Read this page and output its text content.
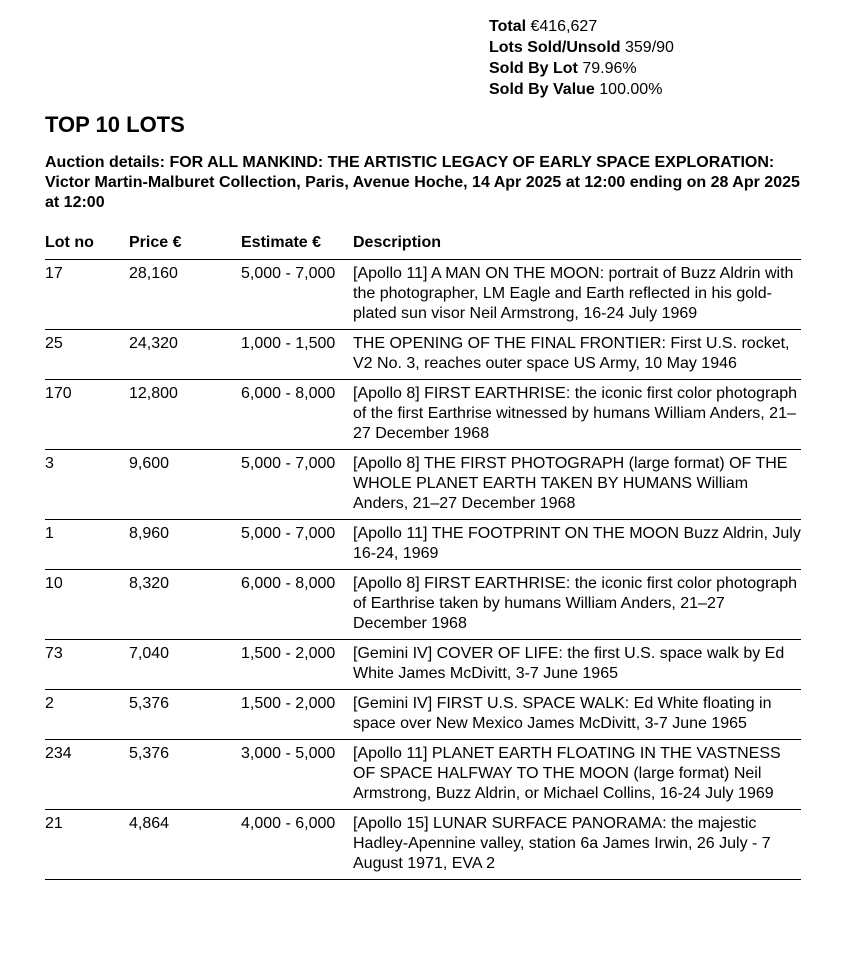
Total €416,627
Lots Sold/Unsold 359/90
Sold By Lot 79.96%
Sold By Value 100.00%
TOP 10 LOTS

Auction details: FOR ALL MANKIND: THE ARTISTIC LEGACY OF EARLY SPACE EXPLORATION: Victor Martin-Malburet Collection, Paris, Avenue Hoche, 14 Apr 2025 at 12:00 ending on 28 Apr 2025 at 12:00

Lot no	Price €	Estimate €	Description
17	28,160	5,000 - 7,000	[Apollo 11] A MAN ON THE MOON: portrait of Buzz Aldrin with the photographer, LM Eagle and Earth reflected in his gold-plated sun visor Neil Armstrong, 16-24 July 1969
25	24,320	1,000 - 1,500	THE OPENING OF THE FINAL FRONTIER: First U.S. rocket, V2 No. 3, reaches outer space US Army, 10 May 1946
170	12,800	6,000 - 8,000	[Apollo 8] FIRST EARTHRISE: the iconic first color photograph of the first Earthrise witnessed by humans William Anders, 21–27 December 1968
3	9,600	5,000 - 7,000	[Apollo 8] THE FIRST PHOTOGRAPH (large format) OF THE WHOLE PLANET EARTH TAKEN BY HUMANS William Anders, 21–27 December 1968
1	8,960	5,000 - 7,000	[Apollo 11] THE FOOTPRINT ON THE MOON Buzz Aldrin, July 16-24, 1969
10	8,320	6,000 - 8,000	[Apollo 8] FIRST EARTHRISE: the iconic first color photograph of Earthrise taken by humans William Anders, 21–27 December 1968
73	7,040	1,500 - 2,000	[Gemini IV] COVER OF LIFE: the first U.S. space walk by Ed White James McDivitt, 3-7 June 1965
2	5,376	1,500 - 2,000	[Gemini IV] FIRST U.S. SPACE WALK: Ed White floating in space over New Mexico James McDivitt, 3-7 June 1965
234	5,376	3,000 - 5,000	[Apollo 11] PLANET EARTH FLOATING IN THE VASTNESS OF SPACE HALFWAY TO THE MOON (large format) Neil Armstrong, Buzz Aldrin, or Michael Collins, 16-24 July 1969
21	4,864	4,000 - 6,000	[Apollo 15] LUNAR SURFACE PANORAMA: the majestic Hadley-Apennine valley, station 6a James Irwin, 26 July - 7 August 1971, EVA 2
